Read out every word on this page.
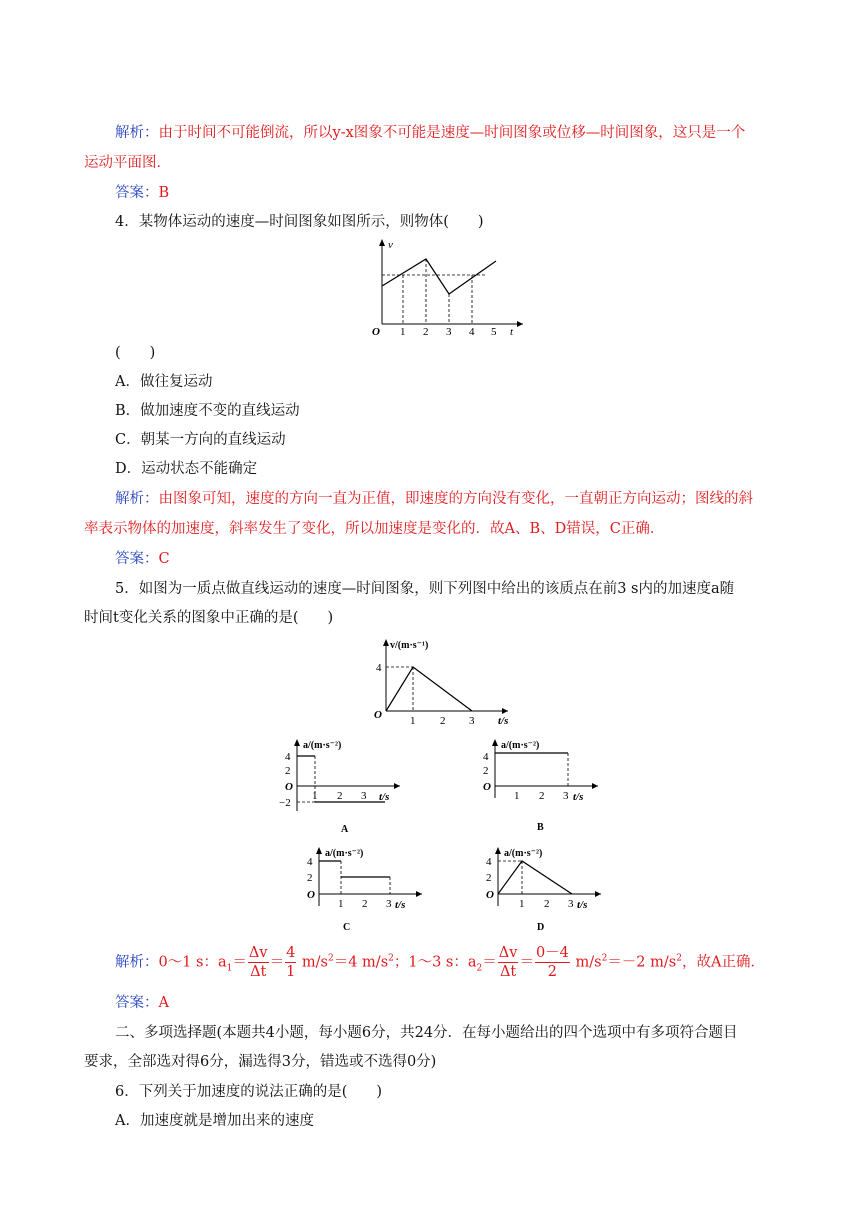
解析：由于时间不可能倒流，所以y-x图象不可能是速度—时间图象或位移—时间图象，这只是一个
运动平面图．
答案：B
4．某物体运动的速度—时间图象如图所示，则物体(　　)
v
t
O 1 2 3 4 5
(　　)
A．做往复运动
B．做加速度不变的直线运动
C．朝某一方向的直线运动
D．运动状态不能确定
解析：由图象可知，速度的方向一直为正值，即速度的方向没有变化，一直朝正方向运动；图线的斜
率表示物体的加速度，斜率发生了变化，所以加速度是变化的．故A、B、D错误，C正确．
答案：C
5．如图为一质点做直线运动的速度—时间图象，则下列图中给出的该质点在前3 s内的加速度a随
时间t变化关系的图象中正确的是(　　)
v/(m·s⁻¹)
4
O	1 2 3 t/s
a/(m·s⁻²)
4
2
O
−2
1 2 3 t/s
A
a/(m·s⁻²)
4
2
O
1 2 3 t/s
B
a/(m·s⁻²)
4
2
O
1 2 3 t/s
C
a/(m·s⁻²)
4
2
O
1 2 3 t/s
D
解析：0～1 s：$a_1= \frac{\Delta v}{\Delta t} = \frac{4}{1} m/s^2=4$ $m/s^2$；1～3 s：$a_2= \frac{\Delta v}{\Delta t} = \frac{0-4}{2} m/s^2=-2$ $m/s^2$，故A正确．
答案：A
二、多项选择题(本题共4小题，每小题6分，共24分．在每小题给出的四个选项中有多项符合题目
要求，全部选对得6分，漏选得3分，错选或不选得0分)
6．下列关于加速度的说法正确的是(　　)
A．加速度就是增加出来的速度
